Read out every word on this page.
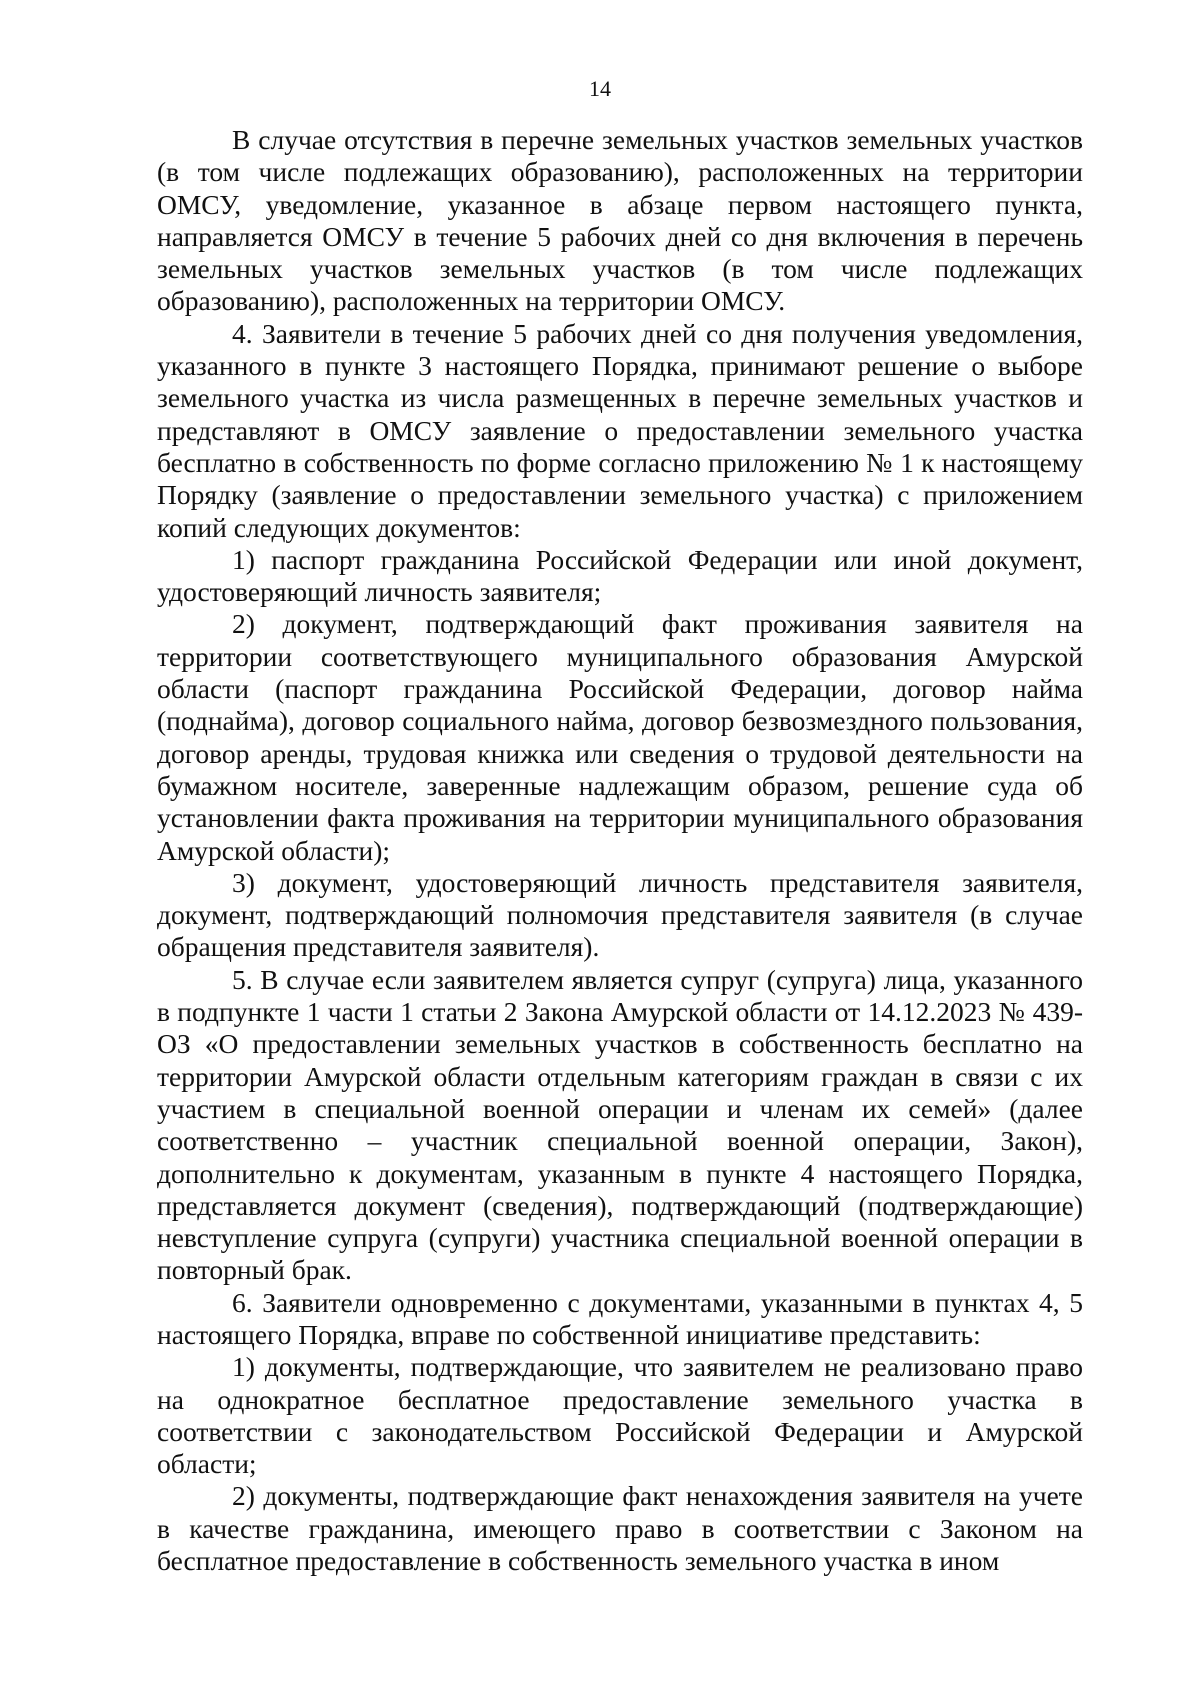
14

В случае отсутствия в перечне земельных участков земельных участков (в том числе подлежащих образованию), расположенных на территории ОМСУ, уведомление, указанное в абзаце первом настоящего пункта, направляется ОМСУ в течение 5 рабочих дней со дня включения в перечень земельных участков земельных участков (в том числе подлежащих образованию), расположенных на территории ОМСУ.

4. Заявители в течение 5 рабочих дней со дня получения уведомления, указанного в пункте 3 настоящего Порядка, принимают решение о выборе земельного участка из числа размещенных в перечне земельных участков и представляют в ОМСУ заявление о предоставлении земельного участка бесплатно в собственность по форме согласно приложению № 1 к настоящему Порядку (заявление о предоставлении земельного участка) с приложением копий следующих документов:

1) паспорт гражданина Российской Федерации или иной документ, удостоверяющий личность заявителя;

2) документ, подтверждающий факт проживания заявителя на территории соответствующего муниципального образования Амурской области (паспорт гражданина Российской Федерации, договор найма (поднайма), договор социального найма, договор безвозмездного пользования, договор аренды, трудовая книжка или сведения о трудовой деятельности на бумажном носителе, заверенные надлежащим образом, решение суда об установлении факта проживания на территории муниципального образования Амурской области);

3) документ, удостоверяющий личность представителя заявителя, документ, подтверждающий полномочия представителя заявителя (в случае обращения представителя заявителя).

5. В случае если заявителем является супруг (супруга) лица, указанного в подпункте 1 части 1 статьи 2 Закона Амурской области от 14.12.2023 № 439-ОЗ «О предоставлении земельных участков в собственность бесплатно на территории Амурской области отдельным категориям граждан в связи с их участием в специальной военной операции и членам их семей» (далее соответственно – участник специальной военной операции, Закон), дополнительно к документам, указанным в пункте 4 настоящего Порядка, представляется документ (сведения), подтверждающий (подтверждающие) невступление супруга (супруги) участника специальной военной операции в повторный брак.

6. Заявители одновременно с документами, указанными в пунктах 4, 5 настоящего Порядка, вправе по собственной инициативе представить:

1) документы, подтверждающие, что заявителем не реализовано право на однократное бесплатное предоставление земельного участка в соответствии с законодательством Российской Федерации и Амурской области;

2) документы, подтверждающие факт ненахождения заявителя на учете в качестве гражданина, имеющего право в соответствии с Законом на бесплатное предоставление в собственность земельного участка в ином
